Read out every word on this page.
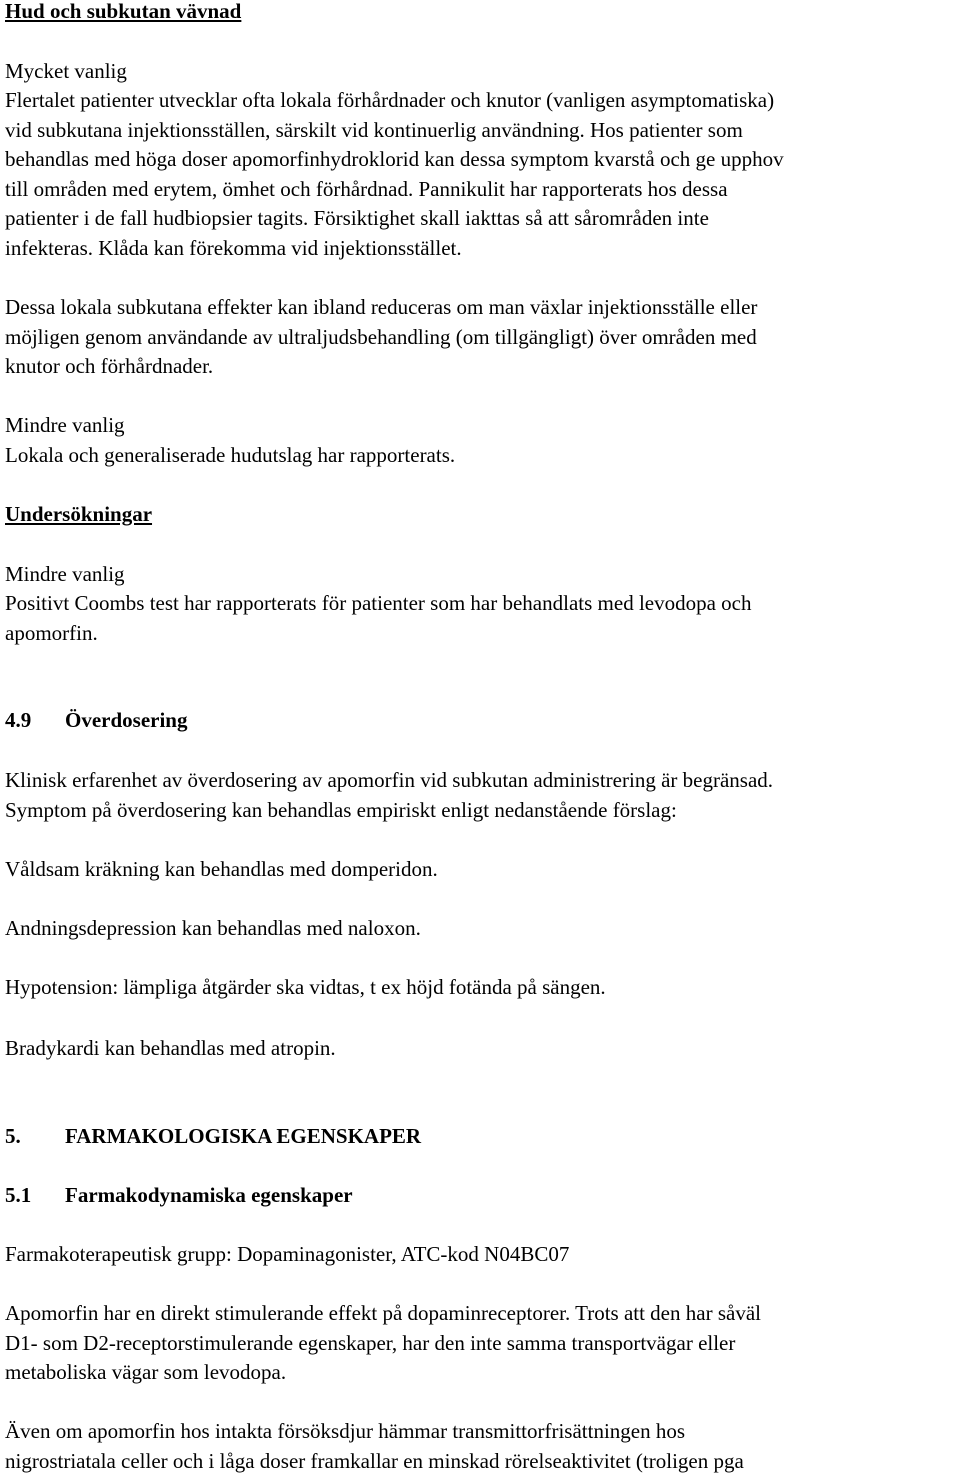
Hud och subkutan vävnad

Mycket vanlig

Flertalet patienter utvecklar ofta lokala förhårdnader och knutor (vanligen asymptomatiska)
vid subkutana injektionsställen, särskilt vid kontinuerlig användning. Hos patienter som
behandlas med höga doser apomorfinhydroklorid kan dessa symptom kvarstå och ge upphov
till områden med erytem, ömhet och förhårdnad. Pannikulit har rapporterats hos dessa
patienter i de fall hudbiopsier tagits. Försiktighet skall iakttas så att sårområden inte
infekteras. Klåda kan förekomma vid injektionsstället.
Dessa lokala subkutana effekter kan ibland reduceras om man växlar injektionsställe eller
möjligen genom användande av ultraljudsbehandling (om tillgängligt) över områden med
knutor och förhårdnader.

Mindre vanlig

Lokala och generaliserade hudutslag har rapporterats.

Undersökningar

Mindre vanlig

Positivt Coombs test har rapporterats för patienter som har behandlats med levodopa och
apomorfin.

4.9 Överdosering

Klinisk erfarenhet av överdosering av apomorfin vid subkutan administrering är begränsad.
Symptom på överdosering kan behandlas empiriskt enligt nedanstående förslag:

Våldsam kräkning kan behandlas med domperidon.

Andningsdepression kan behandlas med naloxon.

Hypotension: lämpliga åtgärder ska vidtas, t ex höjd fotända på sängen.

Bradykardi kan behandlas med atropin.

5. FARMAKOLOGISKA EGENSKAPER

5.1 Farmakodynamiska egenskaper

Farmakoterapeutisk grupp: Dopaminagonister, ATC-kod N04BC07

Apomorfin har en direkt stimulerande effekt på dopaminreceptorer. Trots att den har såväl
D1- som D2-receptorstimulerande egenskaper, har den inte samma transportvägar eller
metaboliska vägar som levodopa.
Även om apomorfin hos intakta försöksdjur hämmar transmittorfrisättningen hos
nigrostriatala celler och i låga doser framkallar en minskad rörelseaktivitet (troligen pga
